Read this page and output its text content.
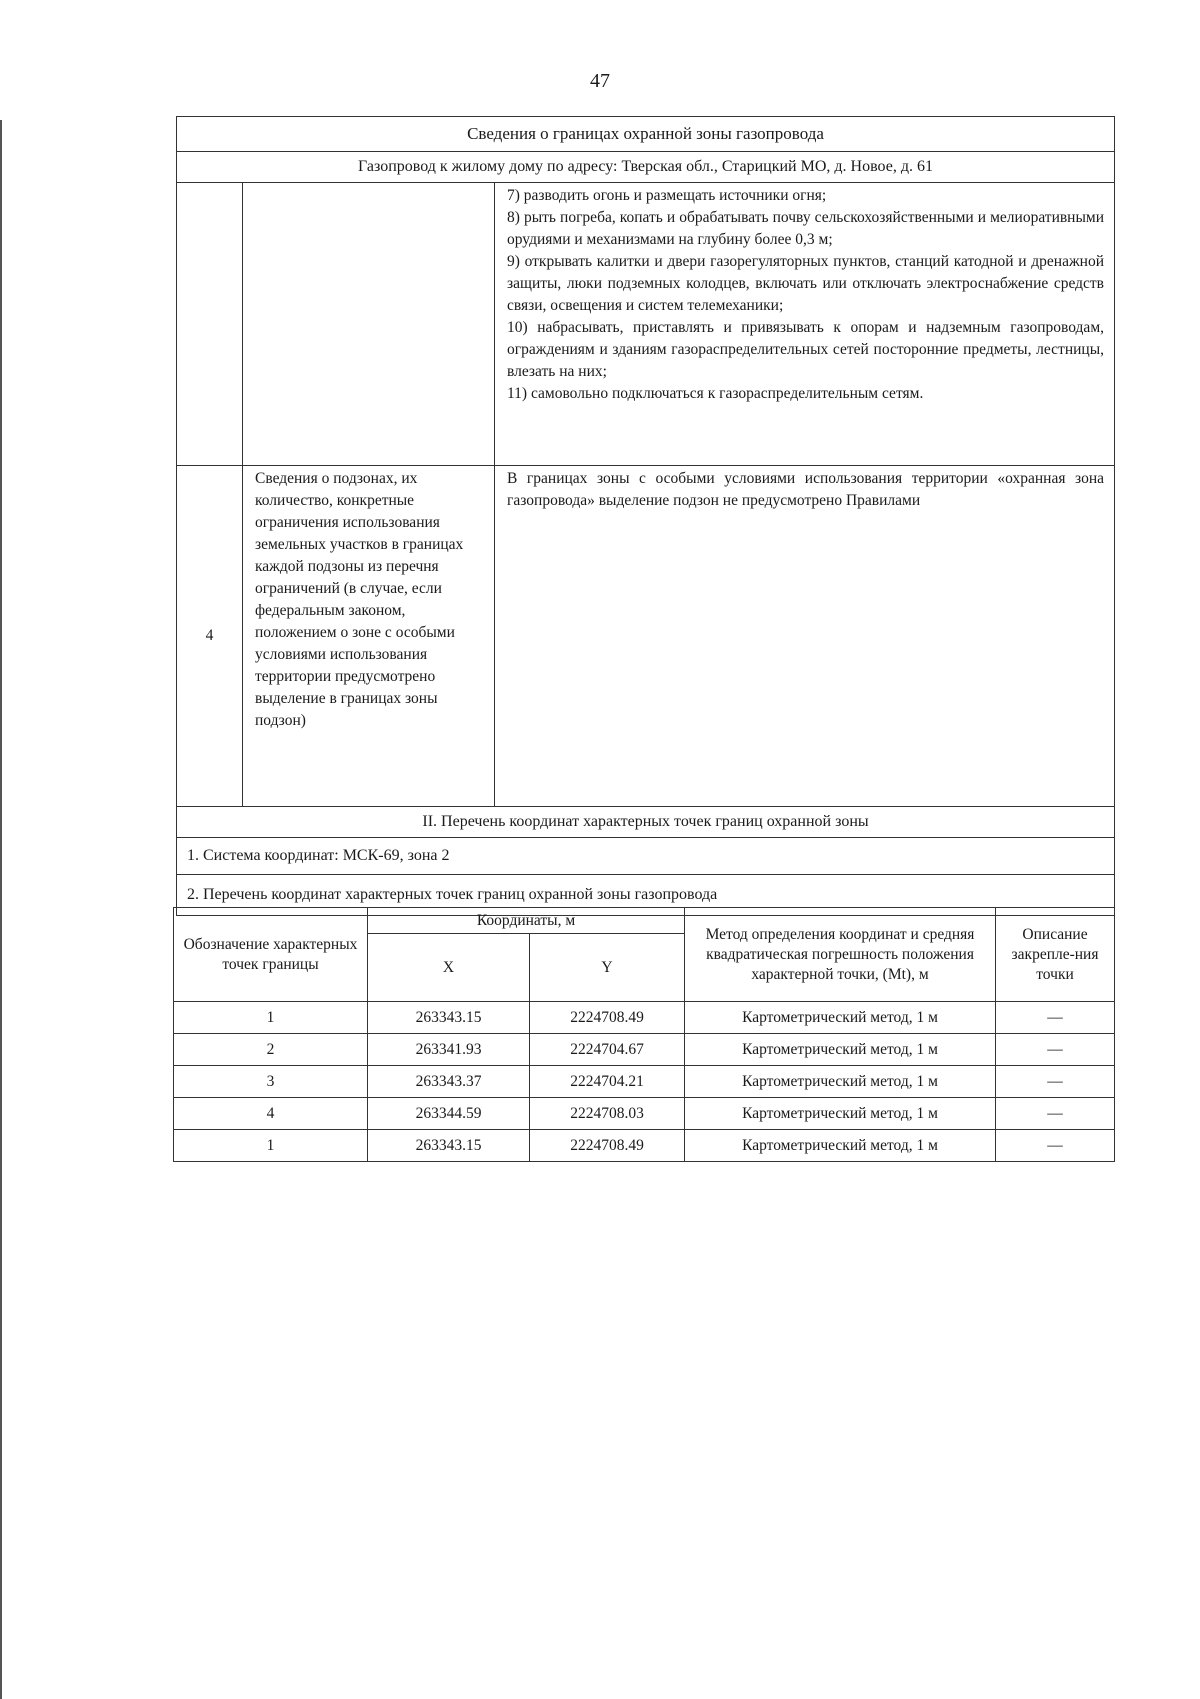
47
Сведения о границах охранной зоны газопровода		
Газопровод к жилому дому по адресу: Тверская обл., Старицкий МО, д. Новое, д. 61		

		7) разводить огонь и размещать источники огня;
8) рыть погреба, копать и обрабатывать почву сельскохозяйственными и мелиоративными орудиями и механизмами на глубину более 0,3 м;
9) открывать калитки и двери газорегуляторных пунктов, станций катодной и дренажной защиты, люки подземных колодцев, включать или отключать электроснабжение средств связи, освещения и систем телемеханики;
10) набрасывать, приставлять и привязывать к опорам и надземным газопроводам, ограждениям и зданиям газораспределительных сетей посторонние предметы, лестницы, влезать на них;
11) самовольно подключаться к газораспределительным сетям.

4	Сведения о подзонах, их количество, конкретные ограничения использования земельных участков в границах каждой подзоны из перечня ограничений (в случае, если федеральным законом, положением о зоне с особыми условиями использования территории предусмотрено выделение в границах зоны подзон)	В границах зоны с особыми условиями использования территории «охранная зона газопровода» выделение подзон не предусмотрено Правилами
II. Перечень координат характерных точек границ охранной зоны		
1. Система координат: МСК-69, зона 2		
2. Перечень координат характерных точек границ охранной зоны газопровода		
Обозначение характерных точек границы	Координаты, м		Метод определения координат и средняя квадратическая погрешность положения характерной точки, (Mt), м	Описание закрепле-ния точки
	X	Y		
1	263343.15	2224708.49	Картометрический метод, 1 м	—
2	263341.93	2224704.67	Картометрический метод, 1 м	—
3	263343.37	2224704.21	Картометрический метод, 1 м	—
4	263344.59	2224708.03	Картометрический метод, 1 м	—
1	263343.15	2224708.49	Картометрический метод, 1 м	—
